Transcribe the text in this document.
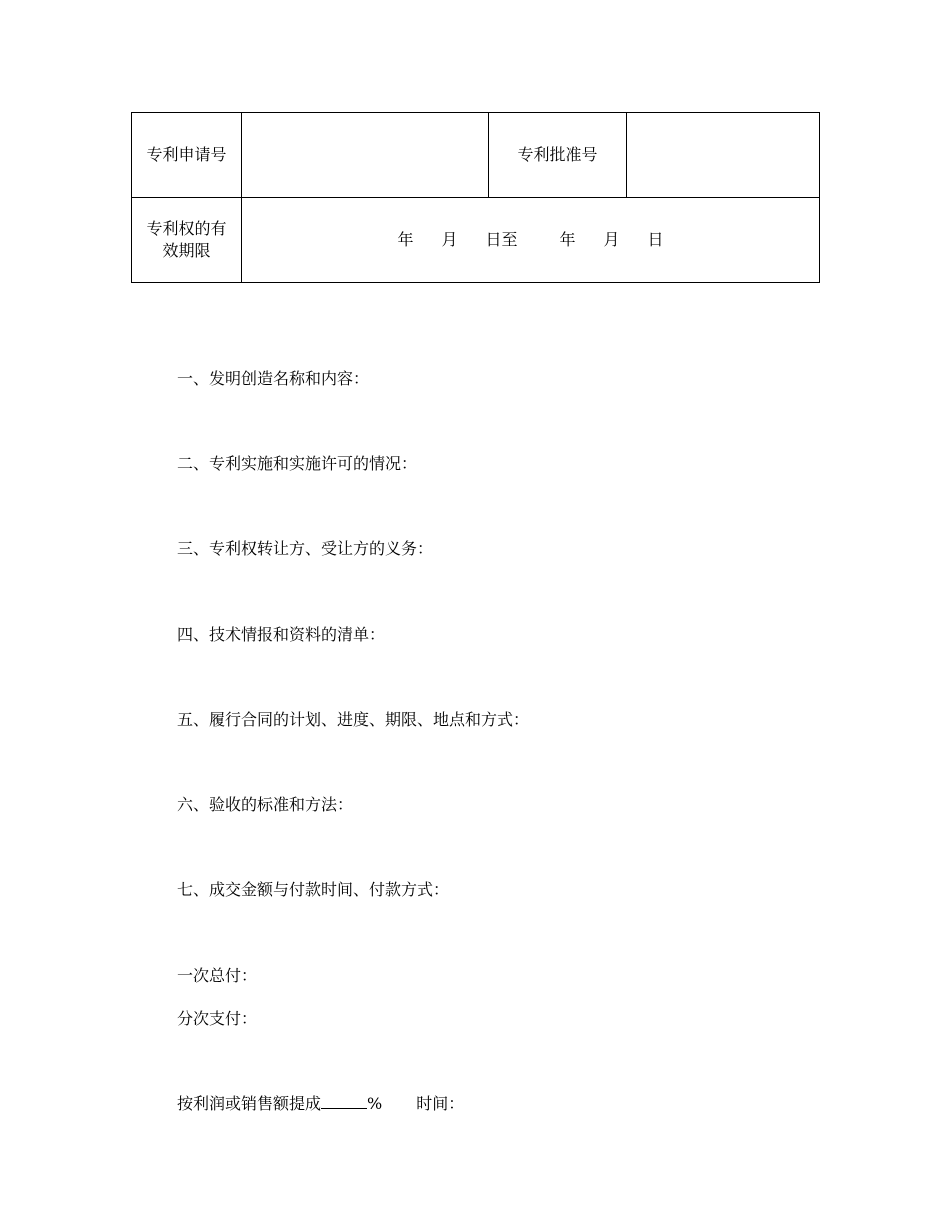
专利申请号		专利批准号	

专利权的有
效期限	年 月 日至 年 月 日		
一、发明创造名称和内容：
二、专利实施和实施许可的情况：
三、专利权转让方、受让方的义务：
四、技术情报和资料的清单：
五、履行合同的计划、进度、期限、地点和方式：
六、验收的标准和方法：
七、成交金额与付款时间、付款方式：
一次总付：
分次支付：
按利润或销售额提成	% 时间：
